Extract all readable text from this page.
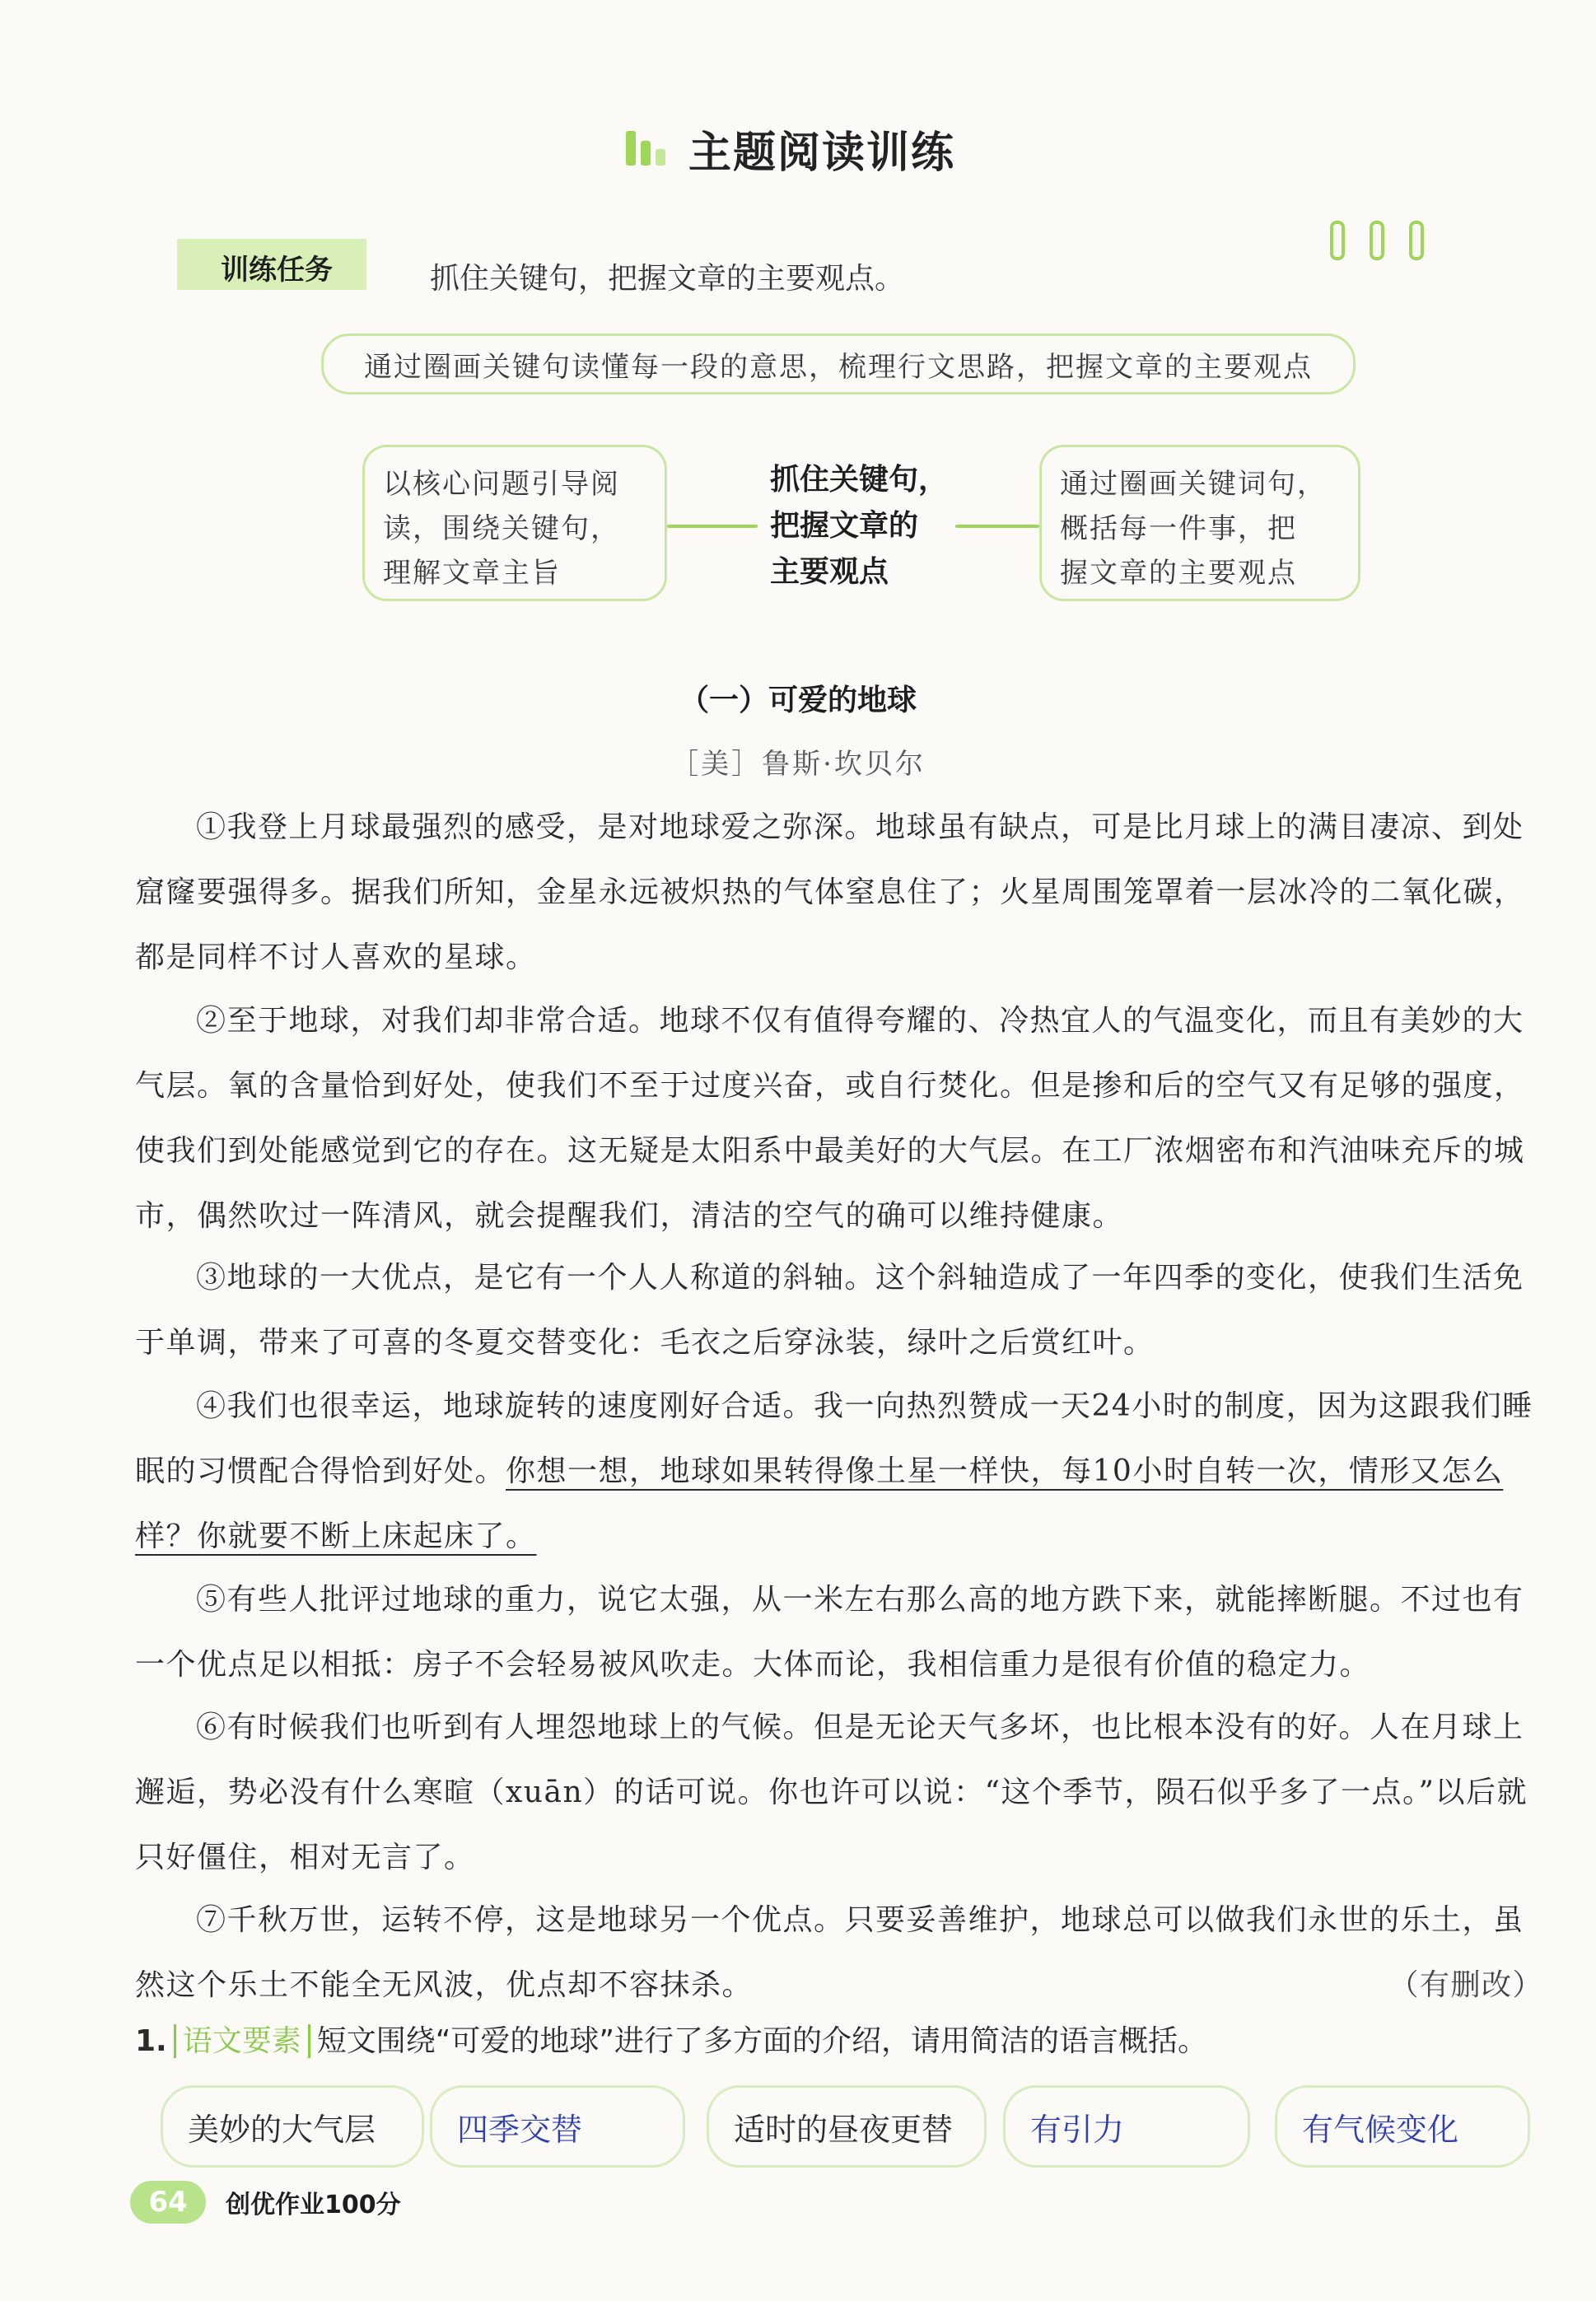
主题阅读训练
训练任务	抓住关键句，把握文章的主要观点。
通过圈画关键句读懂每一段的意思，梳理行文思路，把握文章的主要观点
以核心问题引导阅
读，围绕关键句，
理解文章主旨
抓住关键句，
把握文章的
主要观点
通过圈画关键词句，
概括每一件事，把
握文章的主要观点
（一）可爱的地球
［美］鲁斯·坎贝尔

①我登上月球最强烈的感受，是对地球爱之弥深。地球虽有缺点，可是比月球上的满目凄凉、到处窟窿要强得多。据我们所知，金星永远被炽热的气体窒息住了；火星周围笼罩着一层冰冷的二氧化碳，都是同样不讨人喜欢的星球。

②至于地球，对我们却非常合适。地球不仅有值得夸耀的、冷热宜人的气温变化，而且有美妙的大气层。氧的含量恰到好处，使我们不至于过度兴奋，或自行焚化。但是掺和后的空气又有足够的强度，使我们到处能感觉到它的存在。这无疑是太阳系中最美好的大气层。在工厂浓烟密布和汽油味充斥的城市，偶然吹过一阵清风，就会提醒我们，清洁的空气的确可以维持健康。

③地球的一大优点，是它有一个人人称道的斜轴。这个斜轴造成了一年四季的变化，使我们生活免于单调，带来了可喜的冬夏交替变化：毛衣之后穿泳装，绿叶之后赏红叶。

④我们也很幸运，地球旋转的速度刚好合适。我一向热烈赞成一天24小时的制度，因为这跟我们睡眠的习惯配合得恰到好处。你想一想，地球如果转得像土星一样快，每10小时自转一次，情形又怎么样？你就要不断上床起床了。

⑤有些人批评过地球的重力，说它太强，从一米左右那么高的地方跌下来，就能摔断腿。不过也有一个优点足以相抵：房子不会轻易被风吹走。大体而论，我相信重力是很有价值的稳定力。

⑥有时候我们也听到有人埋怨地球上的气候。但是无论天气多坏，也比根本没有的好。人在月球上邂逅，势必没有什么寒暄（xuān）的话可说。你也许可以说：“这个季节，陨石似乎多了一点。”以后就只好僵住，相对无言了。

⑦千秋万世，运转不停，这是地球另一个优点。只要妥善维护，地球总可以做我们永世的乐土，虽然这个乐土不能全无风波，优点却不容抹杀。	（有删改）

1. 语文要素 短文围绕“可爱的地球”进行了多方面的介绍，请用简洁的语言概括。
美妙的大气层	四季交替	适时的昼夜更替	有引力	有气候变化
64	创优作业100分
